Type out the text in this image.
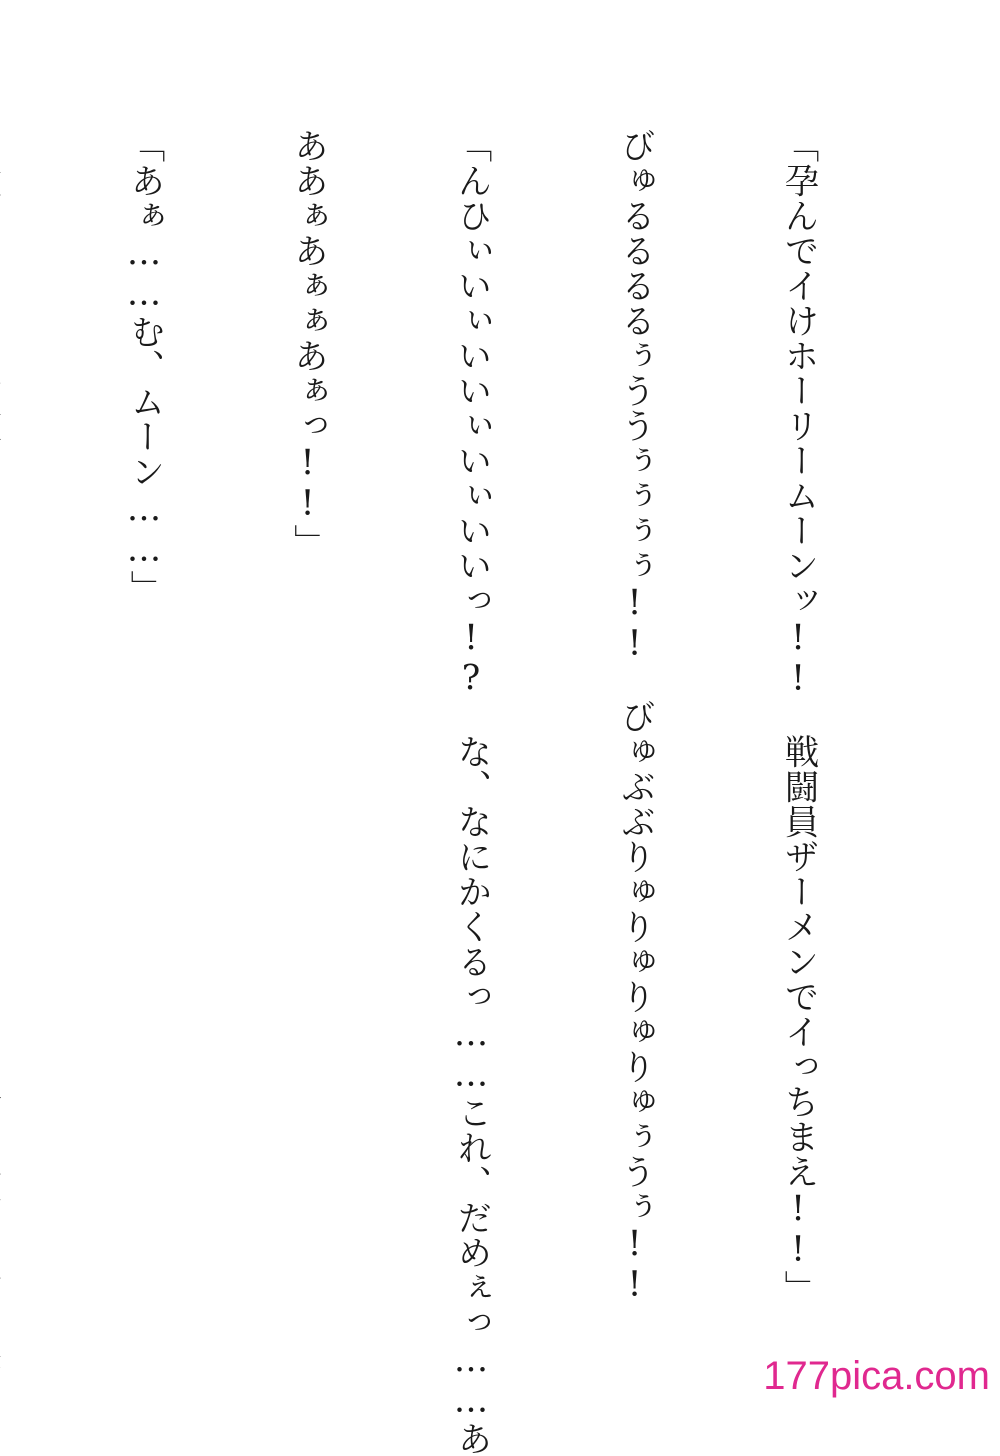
「孕んでイけホーリームーンッ!!　戦闘員ザーメンでイっちまえ!!」

びゅるるるるぅううぅぅぅぅ!!　びゅぶぶりゅりゅりゅりゅぅうぅ!!

「んひぃいぃいいぃいぃいいっ!?　な、なにかくるっ……これ、だめぇっ……あ

ああぁあぁぁあぁっ!!」

「あぁ……む、ムーン……」

177pica.com
